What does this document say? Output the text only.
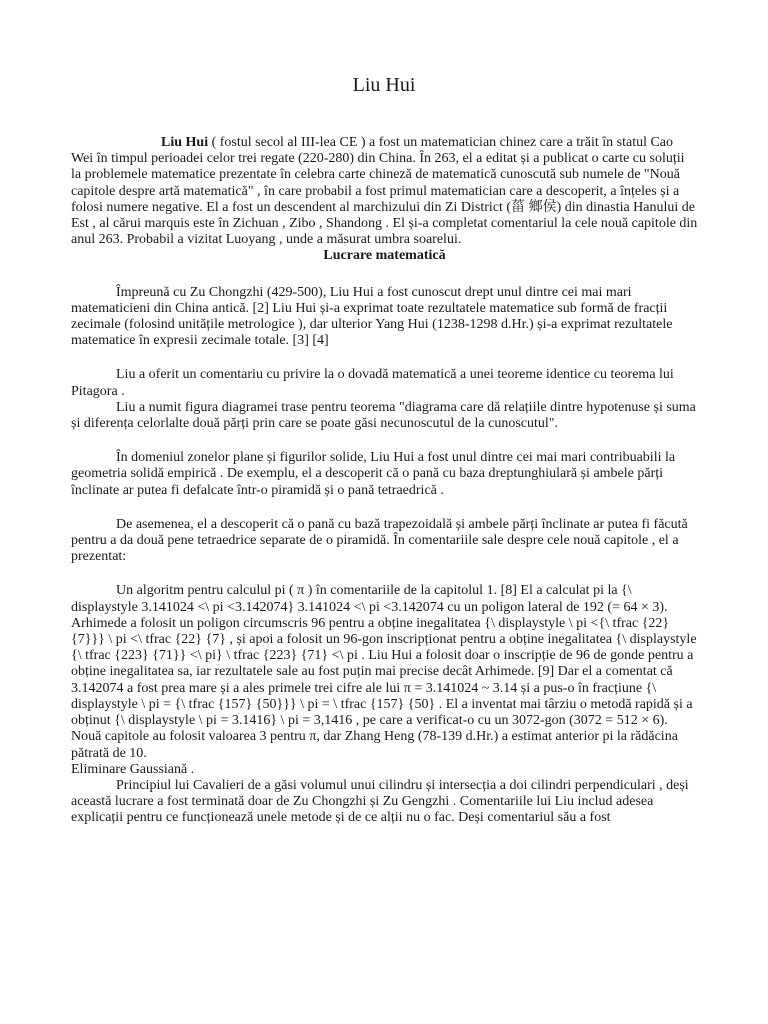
Liu Hui

Liu Hui ( fostul secol al III-lea CE ) a fost un matematician chinez care a trăit în statul Cao Wei în timpul perioadei celor trei regate (220-280) din China. În 263, el a editat și a publicat o carte cu soluții la problemele matematice prezentate în celebra carte chineză de matematică cunoscută sub numele de "Nouă capitole despre artă matematică" , în care probabil a fost primul matematician care a descoperit, a înțeles și a folosi numere negative. El a fost un descendent al marchizului din Zi District (菑 鄉侯) din dinastia Hanului de Est , al cărui marquis este în Zichuan , Zibo , Shandong . El și-a completat comentariul la cele nouă capitole din anul 263. Probabil a vizitat Luoyang , unde a măsurat umbra soarelui.

Lucrare matematică

Împreună cu Zu Chongzhi (429-500), Liu Hui a fost cunoscut drept unul dintre cei mai mari matematicieni din China antică. [2] Liu Hui și-a exprimat toate rezultatele matematice sub formă de fracții zecimale (folosind unitățile metrologice ), dar ulterior Yang Hui (1238-1298 d.Hr.) și-a exprimat rezultatele matematice în expresii zecimale totale. [3] [4]

Liu a oferit un comentariu cu privire la o dovadă matematică a unei teoreme identice cu teorema lui Pitagora .

Liu a numit figura diagramei trase pentru teorema "diagrama care dă relațiile dintre hypotenuse și suma și diferența celorlalte două părți prin care se poate găsi necunoscutul de la cunoscutul".

În domeniul zonelor plane și figurilor solide, Liu Hui a fost unul dintre cei mai mari contribuabili la geometria solidă empirică . De exemplu, el a descoperit că o pană cu baza dreptunghiulară și ambele părți înclinate ar putea fi defalcate într-o piramidă și o pană tetraedrică .

De asemenea, el a descoperit că o pană cu bază trapezoidală și ambele părți înclinate ar putea fi făcută pentru a da două pene tetraedrice separate de o piramidă. În comentariile sale despre cele nouă capitole , el a prezentat:

Un algoritm pentru calculul pi ( π ) în comentariile de la capitolul 1. [8] El a calculat pi la {\ displaystyle 3.141024 <\ pi <3.142074} 3.141024 <\ pi <3.142074 cu un poligon lateral de 192 (= 64 × 3). Arhimede a folosit un poligon circumscris 96 pentru a obține inegalitatea {\ displaystyle \ pi <{\ tfrac {22} {7}}} \ pi <\ tfrac {22} {7} , și apoi a folosit un 96-gon inscripționat pentru a obține inegalitatea {\ displaystyle {\ tfrac {223} {71}} <\ pi} \ tfrac {223} {71} <\ pi . Liu Hui a folosit doar o inscripție de 96 de gonde pentru a obține inegalitatea sa, iar rezultatele sale au fost puțin mai precise decât Arhimede. [9] Dar el a comentat că 3.142074 a fost prea mare și a ales primele trei cifre ale lui π = 3.141024 ~ 3.14 și a pus-o în fracțiune {\ displaystyle \ pi = {\ tfrac {157} {50}}} \ pi = \ tfrac {157} {50} . El a inventat mai târziu o metodă rapidă și a obținut {\ displaystyle \ pi = 3.1416} \ pi = 3,1416 , pe care a verificat-o cu un 3072-gon (3072 = 512 × 6). Nouă capitole au folosit valoarea 3 pentru π, dar Zhang Heng (78-139 d.Hr.) a estimat anterior pi la rădăcina pătrată de 10.

Eliminare Gaussiană .

Principiul lui Cavalieri de a găsi volumul unui cilindru și intersecția a doi cilindri perpendiculari , deși această lucrare a fost terminată doar de Zu Chongzhi și Zu Gengzhi . Comentariile lui Liu includ adesea explicații pentru ce funcționează unele metode și de ce alții nu o fac. Deși comentariul său a fost
